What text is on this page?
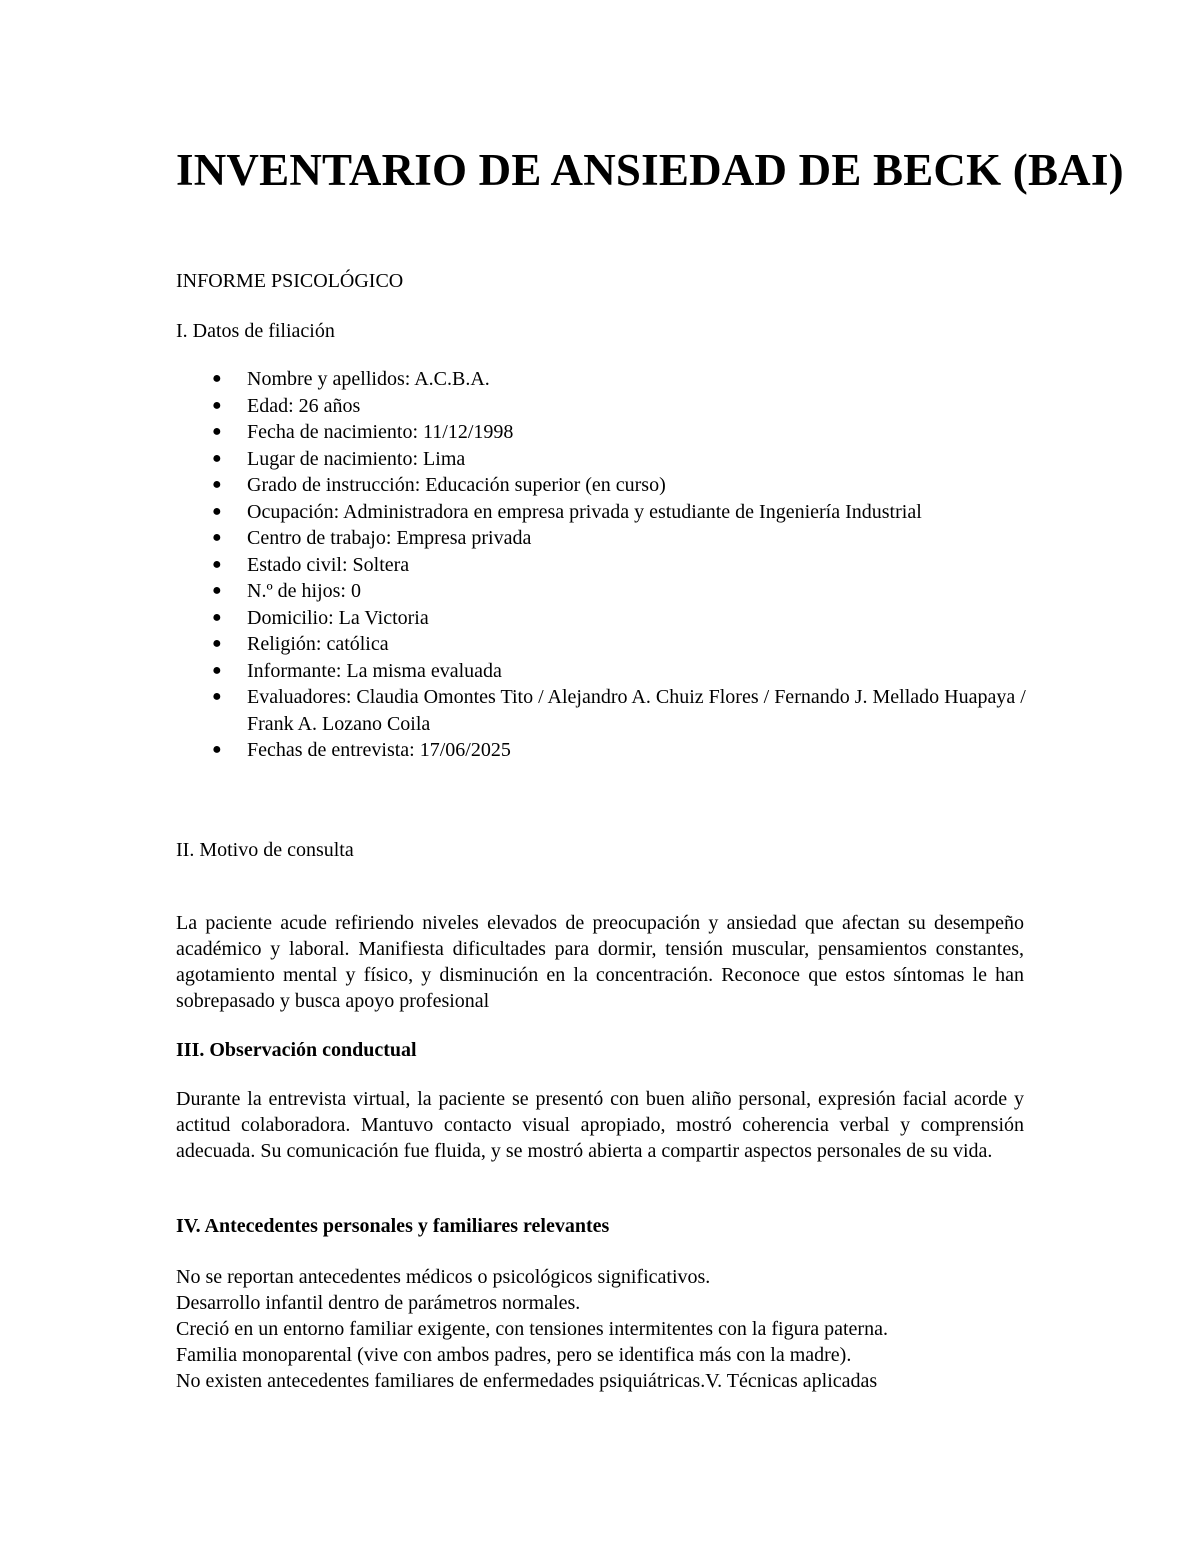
INVENTARIO DE ANSIEDAD DE BECK (BAI)
INFORME PSICOLÓGICO
I. Datos de filiación
● Nombre y apellidos: A.C.B.A.
● Edad: 26 años
● Fecha de nacimiento: 11/12/1998
● Lugar de nacimiento: Lima
● Grado de instrucción: Educación superior (en curso)
● Ocupación: Administradora en empresa privada y estudiante de Ingeniería Industrial
● Centro de trabajo: Empresa privada
● Estado civil: Soltera
● N.º de hijos: 0
● Domicilio: La Victoria
● Religión: católica
● Informante: La misma evaluada
● Evaluadores: Claudia Omontes Tito / Alejandro A. Chuiz Flores / Fernando J. Mellado Huapaya / Frank A. Lozano Coila
● Fechas de entrevista: 17/06/2025
II. Motivo de consulta
La paciente acude refiriendo niveles elevados de preocupación y ansiedad que afectan su desempeño académico y laboral. Manifiesta dificultades para dormir, tensión muscular, pensamientos constantes, agotamiento mental y físico, y disminución en la concentración. Reconoce que estos síntomas le han sobrepasado y busca apoyo profesional
III. Observación conductual
Durante la entrevista virtual, la paciente se presentó con buen aliño personal, expresión facial acorde y actitud colaboradora. Mantuvo contacto visual apropiado, mostró coherencia verbal y comprensión adecuada. Su comunicación fue fluida, y se mostró abierta a compartir aspectos personales de su vida.
IV. Antecedentes personales y familiares relevantes
No se reportan antecedentes médicos o psicológicos significativos.
Desarrollo infantil dentro de parámetros normales.
Creció en un entorno familiar exigente, con tensiones intermitentes con la figura paterna.
Familia monoparental (vive con ambos padres, pero se identifica más con la madre).
No existen antecedentes familiares de enfermedades psiquiátricas.V. Técnicas aplicadas
